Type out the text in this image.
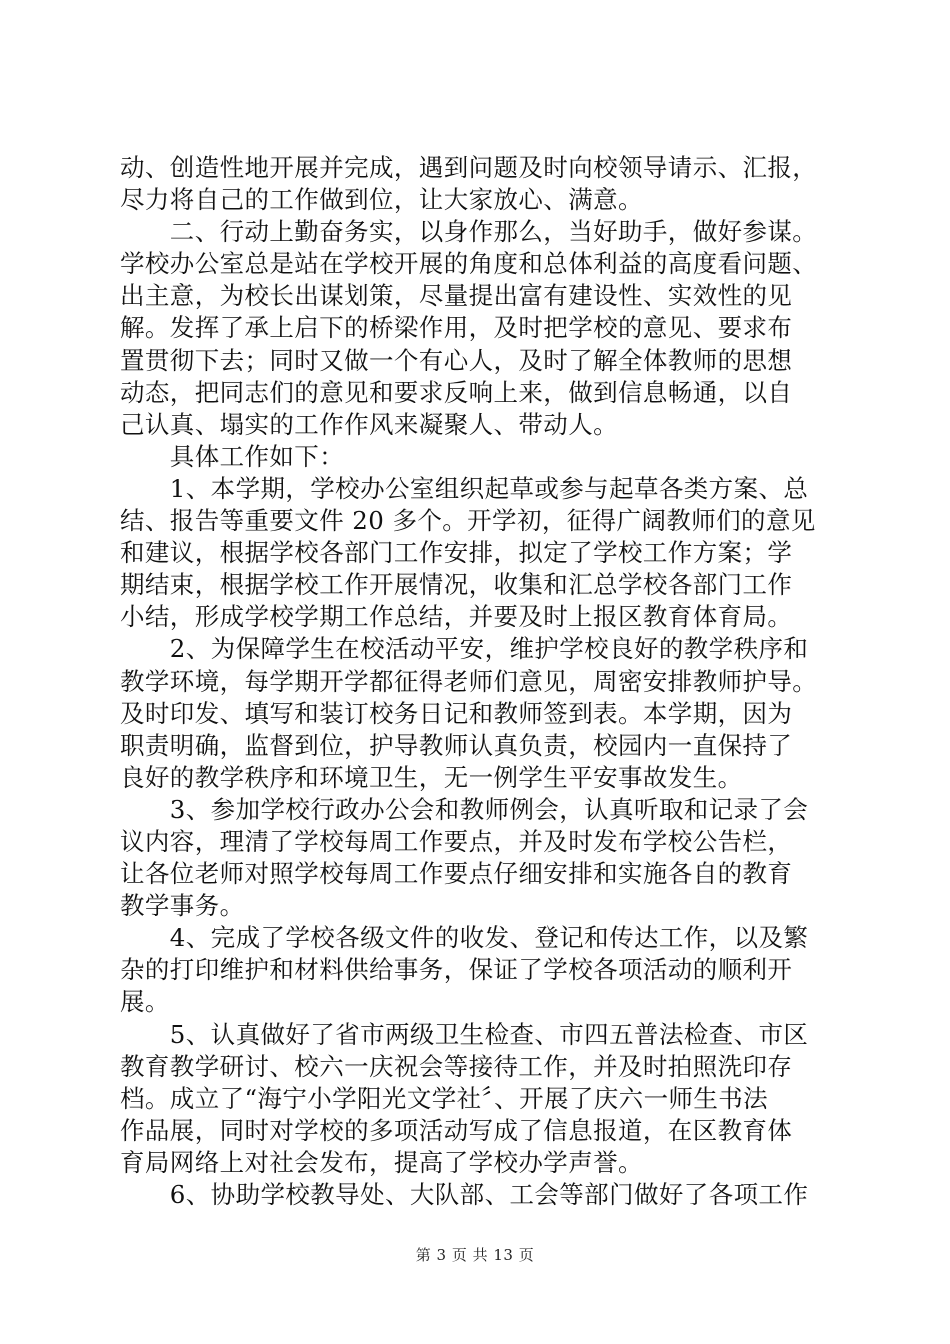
动、创造性地开展并完成，遇到问题及时向校领导请示、汇报，
尽力将自己的工作做到位，让大家放心、满意。
　　二、行动上勤奋务实，以身作那么，当好助手，做好参谋。
学校办公室总是站在学校开展的角度和总体利益的高度看问题、
出主意，为校长出谋划策，尽量提出富有建设性、实效性的见
解。发挥了承上启下的桥梁作用，及时把学校的意见、要求布
置贯彻下去；同时又做一个有心人，及时了解全体教师的思想
动态，把同志们的意见和要求反响上来，做到信息畅通，以自
己认真、塌实的工作作风来凝聚人、带动人。
　　具体工作如下：
　　1、本学期，学校办公室组织起草或参与起草各类方案、总
结、报告等重要文件 20 多个。开学初，征得广阔教师们的意见
和建议，根据学校各部门工作安排，拟定了学校工作方案；学
期结束，根据学校工作开展情况，收集和汇总学校各部门工作
小结，形成学校学期工作总结，并要及时上报区教育体育局。
　　2、为保障学生在校活动平安，维护学校良好的教学秩序和
教学环境，每学期开学都征得老师们意见，周密安排教师护导。
及时印发、填写和装订校务日记和教师签到表。本学期，因为
职责明确，监督到位，护导教师认真负责，校园内一直保持了
良好的教学秩序和环境卫生，无一例学生平安事故发生。
　　3、参加学校行政办公会和教师例会，认真听取和记录了会
议内容，理清了学校每周工作要点，并及时发布学校公告栏，
让各位老师对照学校每周工作要点仔细安排和实施各自的教育
教学事务。
　　4、完成了学校各级文件的收发、登记和传达工作，以及繁
杂的打印维护和材料供给事务，保证了学校各项活动的顺利开
展。
　　5、认真做好了省市两级卫生检查、市四五普法检查、市区
教育教学研讨、校六一庆祝会等接待工作，并及时拍照洗印存
档。成立了“海宁小学阳光文学社〞、开展了庆六一师生书法
作品展，同时对学校的多项活动写成了信息报道，在区教育体
育局网络上对社会发布，提高了学校办学声誉。
　　6、协助学校教导处、大队部、工会等部门做好了各项工作
第 3 页 共 13 页
